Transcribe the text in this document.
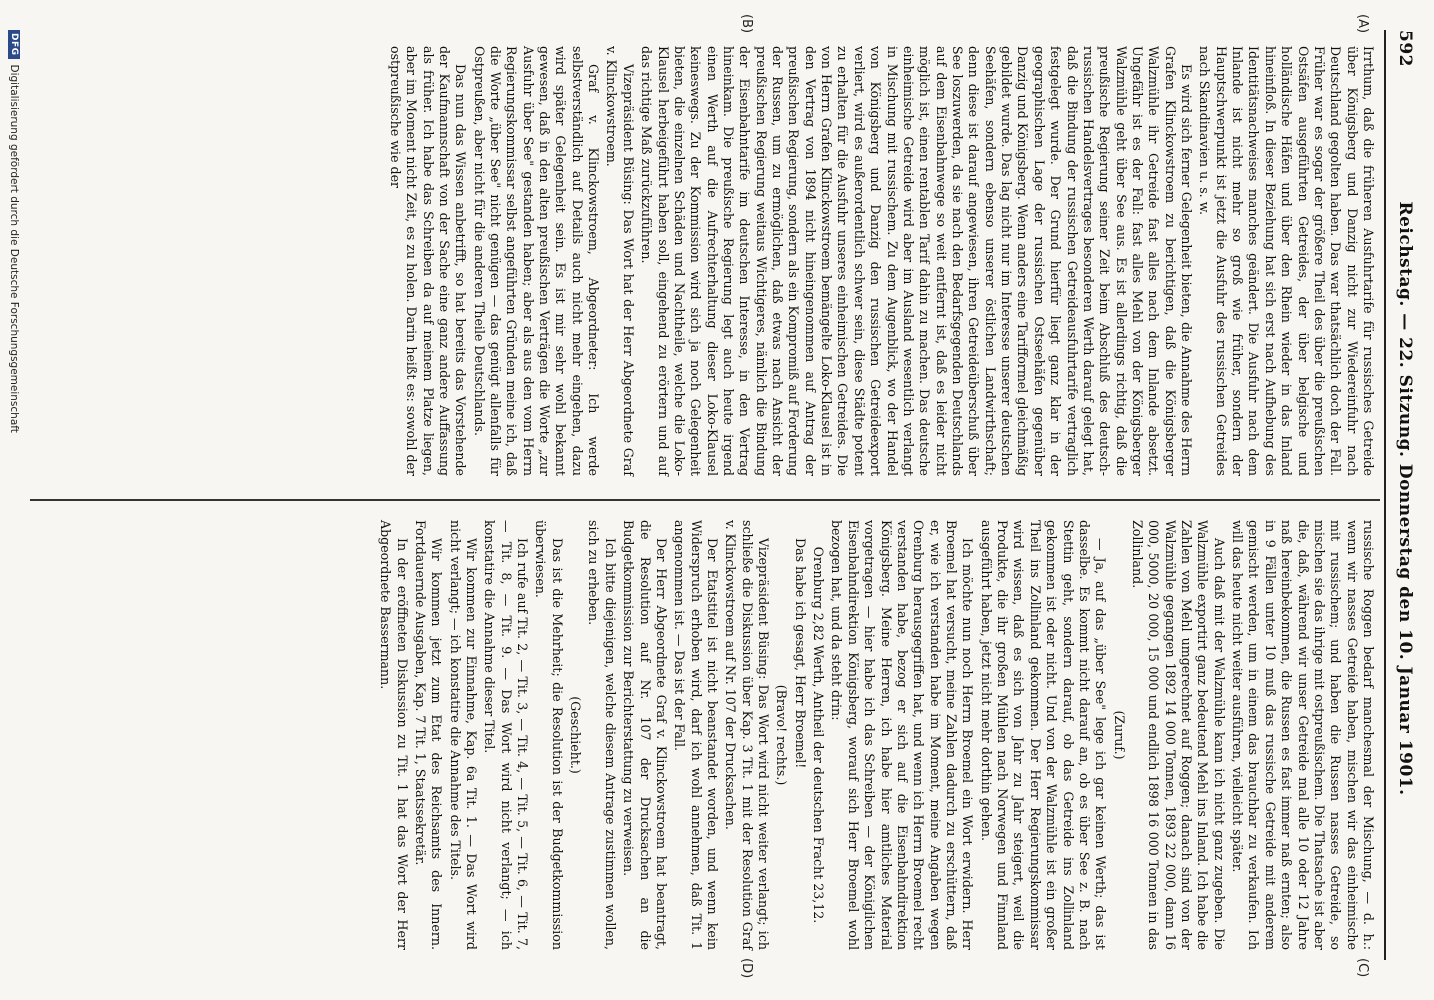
592
Reichstag. — 22. Sitzung. Donnerstag den 10. Januar 1901.
(A)
(B)
(C)
(D)

Irrthum, daß die früheren Ausfuhrtarife für russisches Getreide über Königsberg und Danzig nicht zur Wiedereinfuhr nach Deutschland gegolten haben. Das war thatsächlich doch der Fall. Früher war es sogar der größere Theil des über die preußischen Ostsäfen ausgeführten Getreides, der über belgische und holländische Häfen und über den Rhein wieder in das Inland hineinfloß. In dieser Beziehung hat sich erst nach Aufhebung des Identitätsnachweises manches geändert. Die Ausfuhr nach dem Inlande ist nicht mehr so groß wie früher, sondern der Hauptschwerpunkt ist jetzt die Ausfuhr des russischen Getreides nach Skandinavien u. s. w.

Es wird sich ferner Gelegenheit bieten, die Annahme des Herrn Grafen Klinckowstroem zu berichtigen, daß die Königsberger Walzmühle ihr Getreide fast alles nach dem Inlande absetzt. Ungefähr ist es der Fall: fast alles Mehl von der Königsberger Walzmühle geht über See aus. Es ist allerdings richtig, daß die preußische Regierung seiner Zeit beim Abschluß des deutsch-russischen Handelsvertrages besonderen Werth darauf gelegt hat, daß die Bindung der russischen Getreideausfuhrtarife vertraglich festgelegt wurde. Der Grund hierfür liegt ganz klar in der geographischen Lage der russischen Ostseehäfen gegenüber Danzig und Königsberg. Wenn anders eine Tarifformel gleichmäßig gebildet wurde. Das lag nicht nur im Interesse unserer deutschen Seehäfen, sondern ebenso unserer östlichen Landwirthschaft; denn diese ist darauf angewiesen, ihren Getreideüberschuß über See loszuwerden, da sie nach den Bedarfsgegenden Deutschlands auf dem Eisenbahnwege so weit entfernt ist, daß es leider nicht möglich ist, einen rentablen Tarif dahin zu machen. Das deutsche einheimische Getreide wird aber im Ausland wesentlich verlangt in Mischung mit russischem. Zu dem Augenblick, wo der Handel von Königsberg und Danzig den russischen Getreideexport verliert, wird es außerordentlich schwer sein, diese Städte potent zu erhalten für die Ausfuhr unseres einheimischen Getreides. Die von Herrn Grafen Klinckowstroem bemängelte Loko-Klausel ist in den Vertrag von 1894 nicht hineingenommen auf Antrag der preußischen Regierung, sondern als ein Kompromiß auf Forderung der Russen, um zu ermöglichen, daß etwas nach Ansicht der preußischen Regierung weitaus Wichtigeres, nämlich die Bindung der Eisenbahntarife im deutschen Interesse, in den Vertrag hineinkam. Die preußische Regierung legt auch heute irgend einen Werth auf die Aufrechterhaltung dieser Loko-Klausel keineswegs. Zu der Kommission wird sich ja noch Gelegenheit bieten, die einzelnen Schäden und Nachtheile, welche die Loko-Klausel herbeigeführt haben soll, eingehend zu erörtern und auf das richtige Maß zurückzuführen.

Vizepräsident Büsing: Das Wort hat der Herr Abgeordnete Graf v. Klinckowstroem.

Graf v. Klinckowstroem, Abgeordneter: Ich werde selbstverständlich auf Details auch nicht mehr eingehen, dazu wird später Gelegenheit sein. Es ist mir sehr wohl bekannt gewesen, daß in den alten preußischen Verträgen die Worte „zur Ausfuhr über See" gestanden haben; aber als aus den vom Herrn Regierungskommissar selbst angeführten Gründen meine ich, daß die Worte „über See" nicht genügen — das genügt allenfalls für Ostpreußen, aber nicht für die anderen Theile Deutschlands.

Das nun das Wissen anbetrifft, so hat bereits das Vorstehende der Kaufmannschaft von der Sache eine ganz andere Auffassung als früher. Ich habe das Schreiben da auf meinem Platze liegen, aber im Moment nicht Zeit, es zu holen. Darin heißt es: sowohl der ostpreußische wie der

russische Roggen bedarf manchesmal der Mischung, — d. h.: wenn wir nasses Getreide haben, mischen wir das einheimische mit russischem; und haben die Russen nasses Getreide, so mischen sie das ihrige mit ostpreußischem. Die Thatsache ist aber die, daß, während wir unser Getreide mal alle 10 oder 12 Jahre naß hereinbekommen, die Russen es fast immer naß ernten; also in 9 Fällen unter 10 muß das russische Getreide mit anderem gemischt werden, um in einem das brauchbar zu verkaufen. Ich will das heute nicht weiter ausführen, vielleicht später.

Auch daß mit der Walzmühle kann ich nicht ganz zugeben. Die Walzmühle exportirt ganz bedeutend Mehl ins Inland. Ich habe die Zahlen von Mehl umgerechnet auf Roggen; danach sind von der Walzmühle gegangen 1892 14 000 Tonnen, 1893 22 000, dann 16 000, 5000, 20 000, 15 000 und endlich 1898 16 000 Tonnen in das Zollinland.

(Zuruf.)

— Ja, auf das „über See" lege ich gar keinen Werth; das ist dasselbe. Es kommt nicht darauf an, ob es über See z. B. nach Stettin geht, sondern darauf, ob das Getreide ins Zollinland gekommen ist oder nicht. Und von der Walzmühle ist ein großer Theil ins Zollinland gekommen. Der Herr Regierungskommissar wird wissen, daß es sich von Jahr zu Jahr steigert, weil die Produkte, die ihr großen Mühlen nach Norwegen und Finnland ausgeführt haben, jetzt nicht mehr dorthin gehen.

Ich möchte nun noch Herrn Broemel ein Wort erwidern. Herr Broemel hat versucht, meine Zahlen dadurch zu erschüttern, daß er, wie ich verstanden habe im Moment, meine Angaben wegen Orenburg herausgegriffen hat, und wenn ich Herrn Broemel recht verstanden habe, bezog er sich auf die Eisenbahndirektion Königsberg. Meine Herren, ich habe hier amtliches Material vorgetragen — hier habe ich das Schreiben — der Königlichen Eisenbahndirektion Königsberg, worauf sich Herr Broemel wohl bezogen hat, und da steht drin:

Orenburg 2,82 Werth, Antheil der deutschen Fracht 23,12.

Das habe ich gesagt, Herr Broemel!

(Bravo! rechts.)

Vizepräsident Büsing: Das Wort wird nicht weiter verlangt; ich schließe die Diskussion über Kap. 3 Tit. 1 mit der Resolution Graf v. Klinckowstroem auf Nr. 107 der Drucksachen.

Der Etatstitel ist nicht beanstandet worden, und wenn kein Widerspruch erhoben wird, darf ich wohl annehmen, daß Tit. 1 angenommen ist. — Das ist der Fall.

Der Herr Abgeordnete Graf v. Klinckowstroem hat beantragt, die Resolution auf Nr. 107 der Drucksachen an die Budgetkommission zur Berichterstattung zu verweisen.

Ich bitte diejenigen, welche diesem Antrage zustimmen wollen, sich zu erheben.

(Geschieht.)

Das ist die Mehrheit; die Resolution ist der Budgetkommission überwiesen.

Ich rufe auf Tit. 2, — Tit. 3, — Tit. 4, — Tit. 5, — Tit. 6, — Tit. 7, — Tit. 8, — Tit. 9. — Das Wort wird nicht verlangt; — ich konstatire die Annahme dieser Titel.

Wir kommen zur Einnahme, Kap. 6a Tit. 1. — Das Wort wird nicht verlangt; — ich konstatire die Annahme des Titels.

Wir kommen jetzt zum Etat des Reichsamts des Innern. Fortdauernde Ausgaben, Kap. 7 Tit. 1, Staatssekretär.

In der eröffneten Diskussion zu Tit. 1 hat das Wort der Herr Abgeordnete Bassermann.

DFG
Digitalisierung gefördert durch die Deutsche Forschungsgemeinschaft
